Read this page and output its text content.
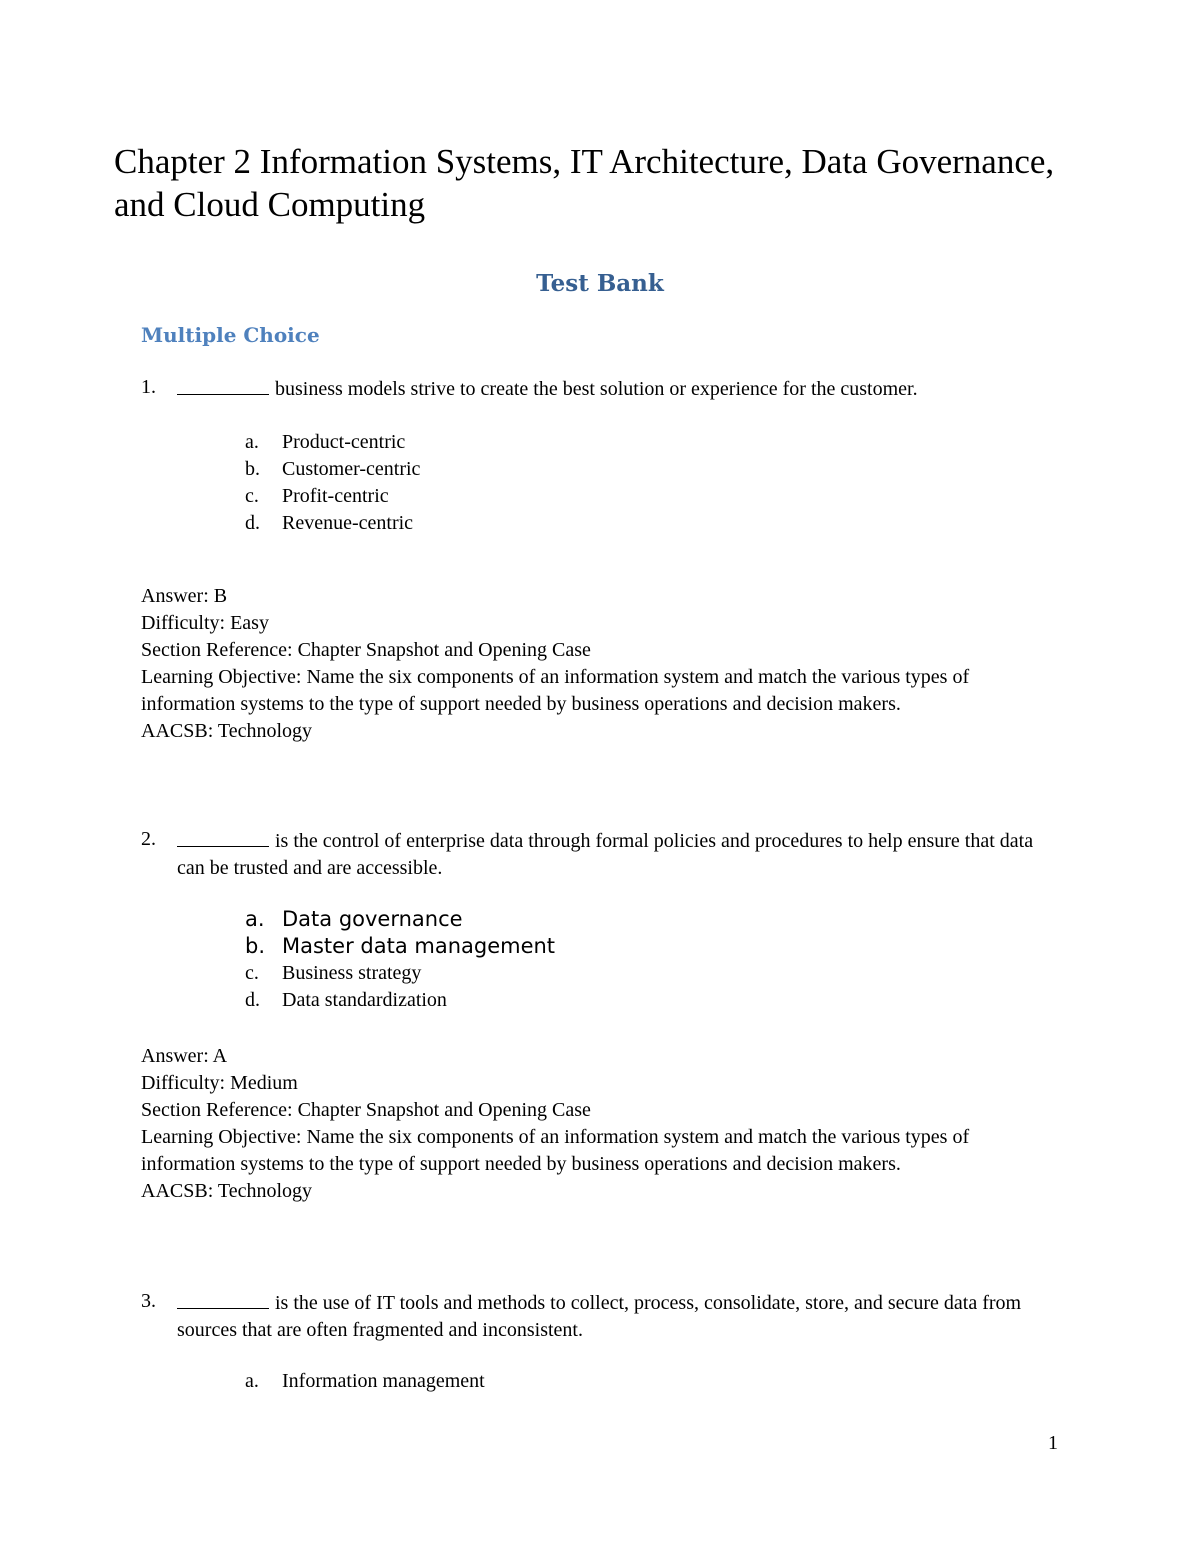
Chapter 2 Information Systems, IT Architecture, Data Governance, and Cloud Computing
Test Bank
Multiple Choice
1.	business models strive to create the best solution or experience for the customer.
a. Product-centric
b. Customer-centric
c. Profit-centric
d. Revenue-centric
Answer: B
Difficulty: Easy
Section Reference: Chapter Snapshot and Opening Case
Learning Objective: Name the six components of an information system and match the various types of information systems to the type of support needed by business operations and decision makers.
AACSB: Technology
2.	is the control of enterprise data through formal policies and procedures to help ensure that data can be trusted and are accessible.
a. Data governance
b. Master data management
c. Business strategy
d. Data standardization
Answer: A
Difficulty: Medium
Section Reference: Chapter Snapshot and Opening Case
Learning Objective: Name the six components of an information system and match the various types of information systems to the type of support needed by business operations and decision makers.
AACSB: Technology
3.	is the use of IT tools and methods to collect, process, consolidate, store, and secure data from sources that are often fragmented and inconsistent.
a. Information management
1
